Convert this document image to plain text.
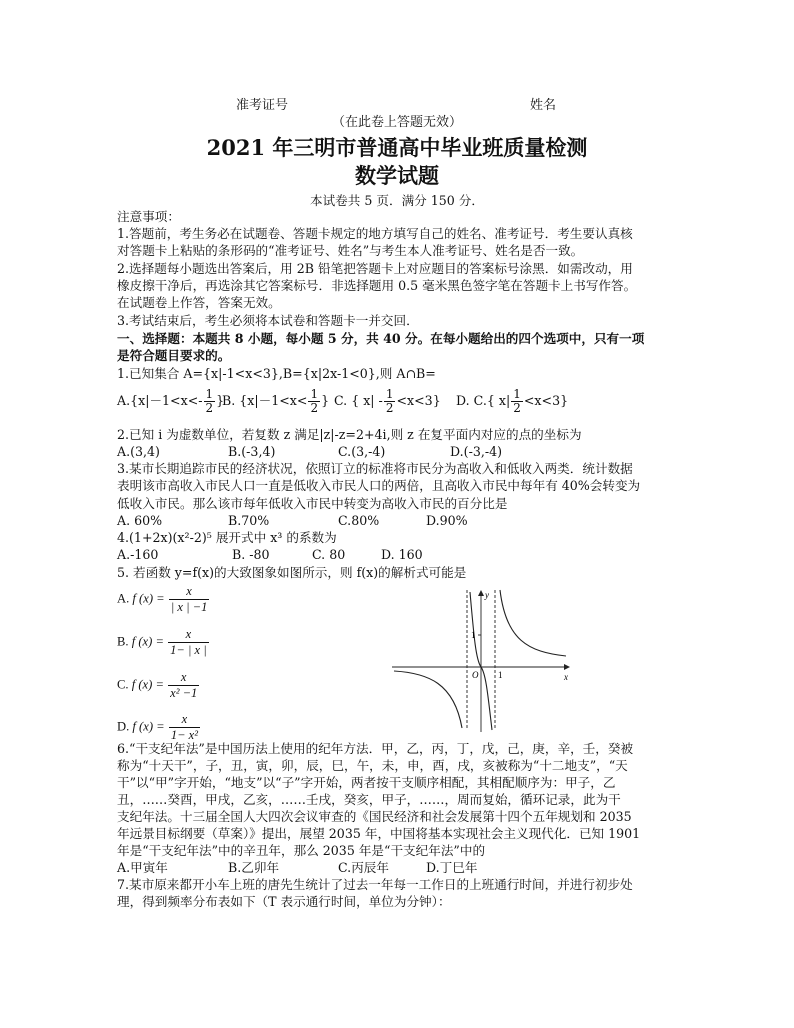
准考证号	姓名
（在此卷上答题无效）
2021 年三明市普通高中毕业班质量检测
数学试题
本试卷共 5 页．满分 150 分．
注意事项：
1.答题前，考生务必在试题卷、答题卡规定的地方填写自己的姓名、准考证号．考生要认真核
对答题卡上粘贴的条形码的“准考证号、姓名”与考生本人准考证号、姓名是否一致。
2.选择题每小题选出答案后，用 2B 铅笔把答题卡上对应题目的答案标号涂黑．如需改动，用
橡皮擦干净后，再选涂其它答案标号．非选择题用 0.5 毫米黑色签字笔在答题卡上书写作答。
在试题卷上作答，答案无效。
3.考试结束后，考生必须将本试卷和答题卡一并交回．
一、选择题：本题共 8 小题，每小题 5 分，共 40 分。在每小题给出的四个选项中，只有一项
是符合题目要求的。
1.已知集合 A={x|-1<x<3},B={x|2x-1<0},则 A∩B=
$A.\{x|-1<x<- \frac{1}{2}$ }
B. {$x|-1<x< \frac{1}{2}$ } C. { $x| - \frac{1}{2} <x<3$} D. C.{ $x| \frac{1}{2} <x<3$}
2.已知 i 为虚数单位，若复数 z 满足|z|-z=2+4i,则 z 在复平面内对应的点的坐标为
A.(3,4)	B.(-3,4)	C.(3,-4)	D.(-3,-4)
3.某市长期追踪市民的经济状况，依照订立的标准将市民分为高收入和低收入两类．统计数据
表明该市高收入市民人口一直是低收入市民人口的两倍，且高收入市民中每年有 40%会转变为
低收入市民。那么该市每年低收入市民中转变为高收入市民的百分比是
A. 60%	B.70%	C.80%	D.90%
4.(1+2x)(x²-2)⁵ 展开式中 x³ 的系数为
A.-160	B. -80	C. 80	D. 160
5. 若函数 y=f(x)的大致图象如图所示，则 f(x)的解析式可能是
A. f $(x) = \frac{x}{| x | -1}$
B. f $(x) = \frac{x}{1- | x |}$
C. f $(x) = \frac{x}{\text{x² −1}}$
D. f $(x) = \frac{x}{\text{1− x²}}$
y
x
O 1
1
6.“干支纪年法”是中国历法上使用的纪年方法．甲，乙，丙，丁，戊，己，庚，辛，壬，癸被
称为“十天干”，子，丑，寅，卯，辰，巳，午，未，申，酉，戌，亥被称为“十二地支”，“天
干”以“甲”字开始，“地支”以“子”字开始，两者按干支顺序相配，其相配顺序为：甲子，乙
丑，……癸酉，甲戌，乙亥，……壬戌，癸亥，甲子，……，周而复始，循环记录，此为干
支纪年法。十三届全国人大四次会议审查的《国民经济和社会发展第十四个五年规划和 2035
年远景目标纲要（草案）》提出，展望 2035 年，中国将基本实现社会主义现代化．已知 1901
年是“干支纪年法”中的辛丑年，那么 2035 年是“干支纪年法”中的
A.甲寅年	B.乙卯年	C.丙辰年	D.丁巳年
7.某市原来都开小车上班的唐先生统计了过去一年每一工作日的上班通行时间，并进行初步处
理，得到频率分布表如下（T 表示通行时间，单位为分钟）：
